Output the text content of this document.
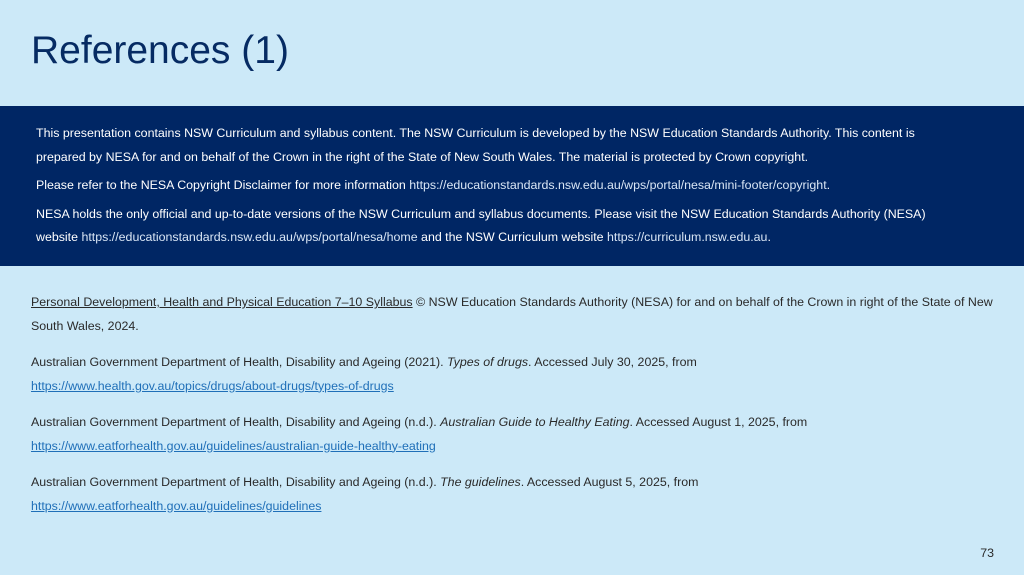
References (1)

This presentation contains NSW Curriculum and syllabus content. The NSW Curriculum is developed by the NSW Education Standards Authority. This content is prepared by NESA for and on behalf of the Crown in the right of the State of New South Wales. The material is protected by Crown copyright.

Please refer to the NESA Copyright Disclaimer for more information https://educationstandards.nsw.edu.au/wps/portal/nesa/mini-footer/copyright.

NESA holds the only official and up-to-date versions of the NSW Curriculum and syllabus documents. Please visit the NSW Education Standards Authority (NESA) website https://educationstandards.nsw.edu.au/wps/portal/nesa/home and the NSW Curriculum website https://curriculum.nsw.edu.au.

Personal Development, Health and Physical Education 7–10 Syllabus © NSW Education Standards Authority (NESA) for and on behalf of the Crown in right of the State of New South Wales, 2024.

Australian Government Department of Health, Disability and Ageing (2021). Types of drugs. Accessed July 30, 2025, from
https://www.health.gov.au/topics/drugs/about-drugs/types-of-drugs

Australian Government Department of Health, Disability and Ageing (n.d.). Australian Guide to Healthy Eating. Accessed August 1, 2025, from
https://www.eatforhealth.gov.au/guidelines/australian-guide-healthy-eating

Australian Government Department of Health, Disability and Ageing (n.d.). The guidelines. Accessed August 5, 2025, from
https://www.eatforhealth.gov.au/guidelines/guidelines

73
